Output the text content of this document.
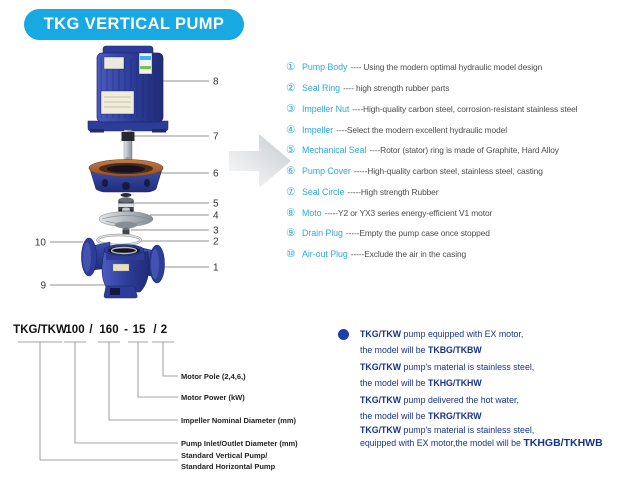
TKG VERTICAL PUMP
8
7
6
5
4
3
2
1
10
9
① Pump Body ---- Using the modern optimal hydraulic model design
② Seal Ring ---- high strength rubber parts
③ Impeller Nut ----High-quality carbon steel, corrosion-resistant stainless steel
④ Impeller ----Select the modern excellent hydraulic model
⑤ Mechanical Seal ----Rotor (stator) ring is made of Graphite, Hard Alloy
⑥ Pump Cover -----High-quality carbon steel, stainless steel, casting
⑦ Seal Circle -----High strength Rubber
⑧ Moto -----Y2 or YX3 series energy-efficient V1 motor
⑨ Drain Plug -----Empty the pump case once stopped
⑩ Air-out Plug -----Exclude the air in the casing
TKG/TKW
100 / 160 - 15 / 2
Motor Pole (2,4,6,)
Motor Power (kW)
Impeller Nominal Diameter (mm)
Pump Inlet/Outlet Diameter (mm)
Standard Vertical Pump/
Standard Horizontal Pump
TKG/TKW pump equipped with EX motor,
the model will be TKBG/TKBW
TKG/TKW pump's material is stainless steel,
the model will be TKHG/TKHW
TKG/TKW pump delivered the hot water,
the model will be TKRG/TKRW
TKG/TKW pump's material is stainless steel,
equipped with EX motor,the model will be TKHGB/TKHWB
